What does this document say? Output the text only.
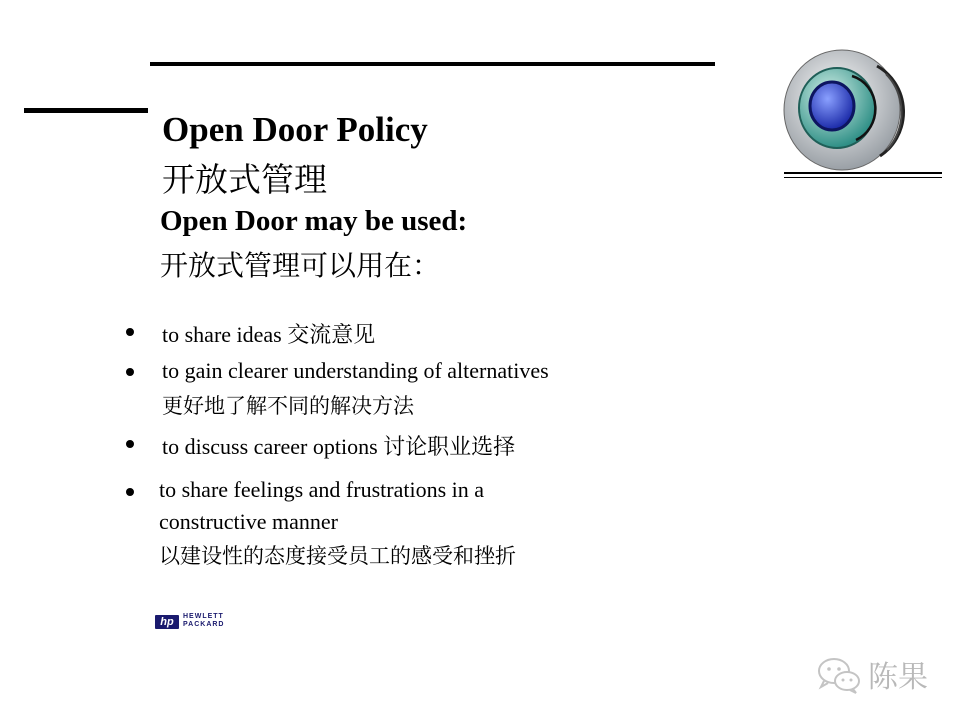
Open Door Policy
开放式管理
Open Door may be used:
开放式管理可以用在：
to share ideas 交流意见
to gain clearer understanding of alternatives
更好地了解不同的解决方法
to discuss career options 讨论职业选择
to share feelings and frustrations in a
constructive manner
以建设性的态度接受员工的感受和挫折
hp	HEWLETT
PACKARD
陈果
